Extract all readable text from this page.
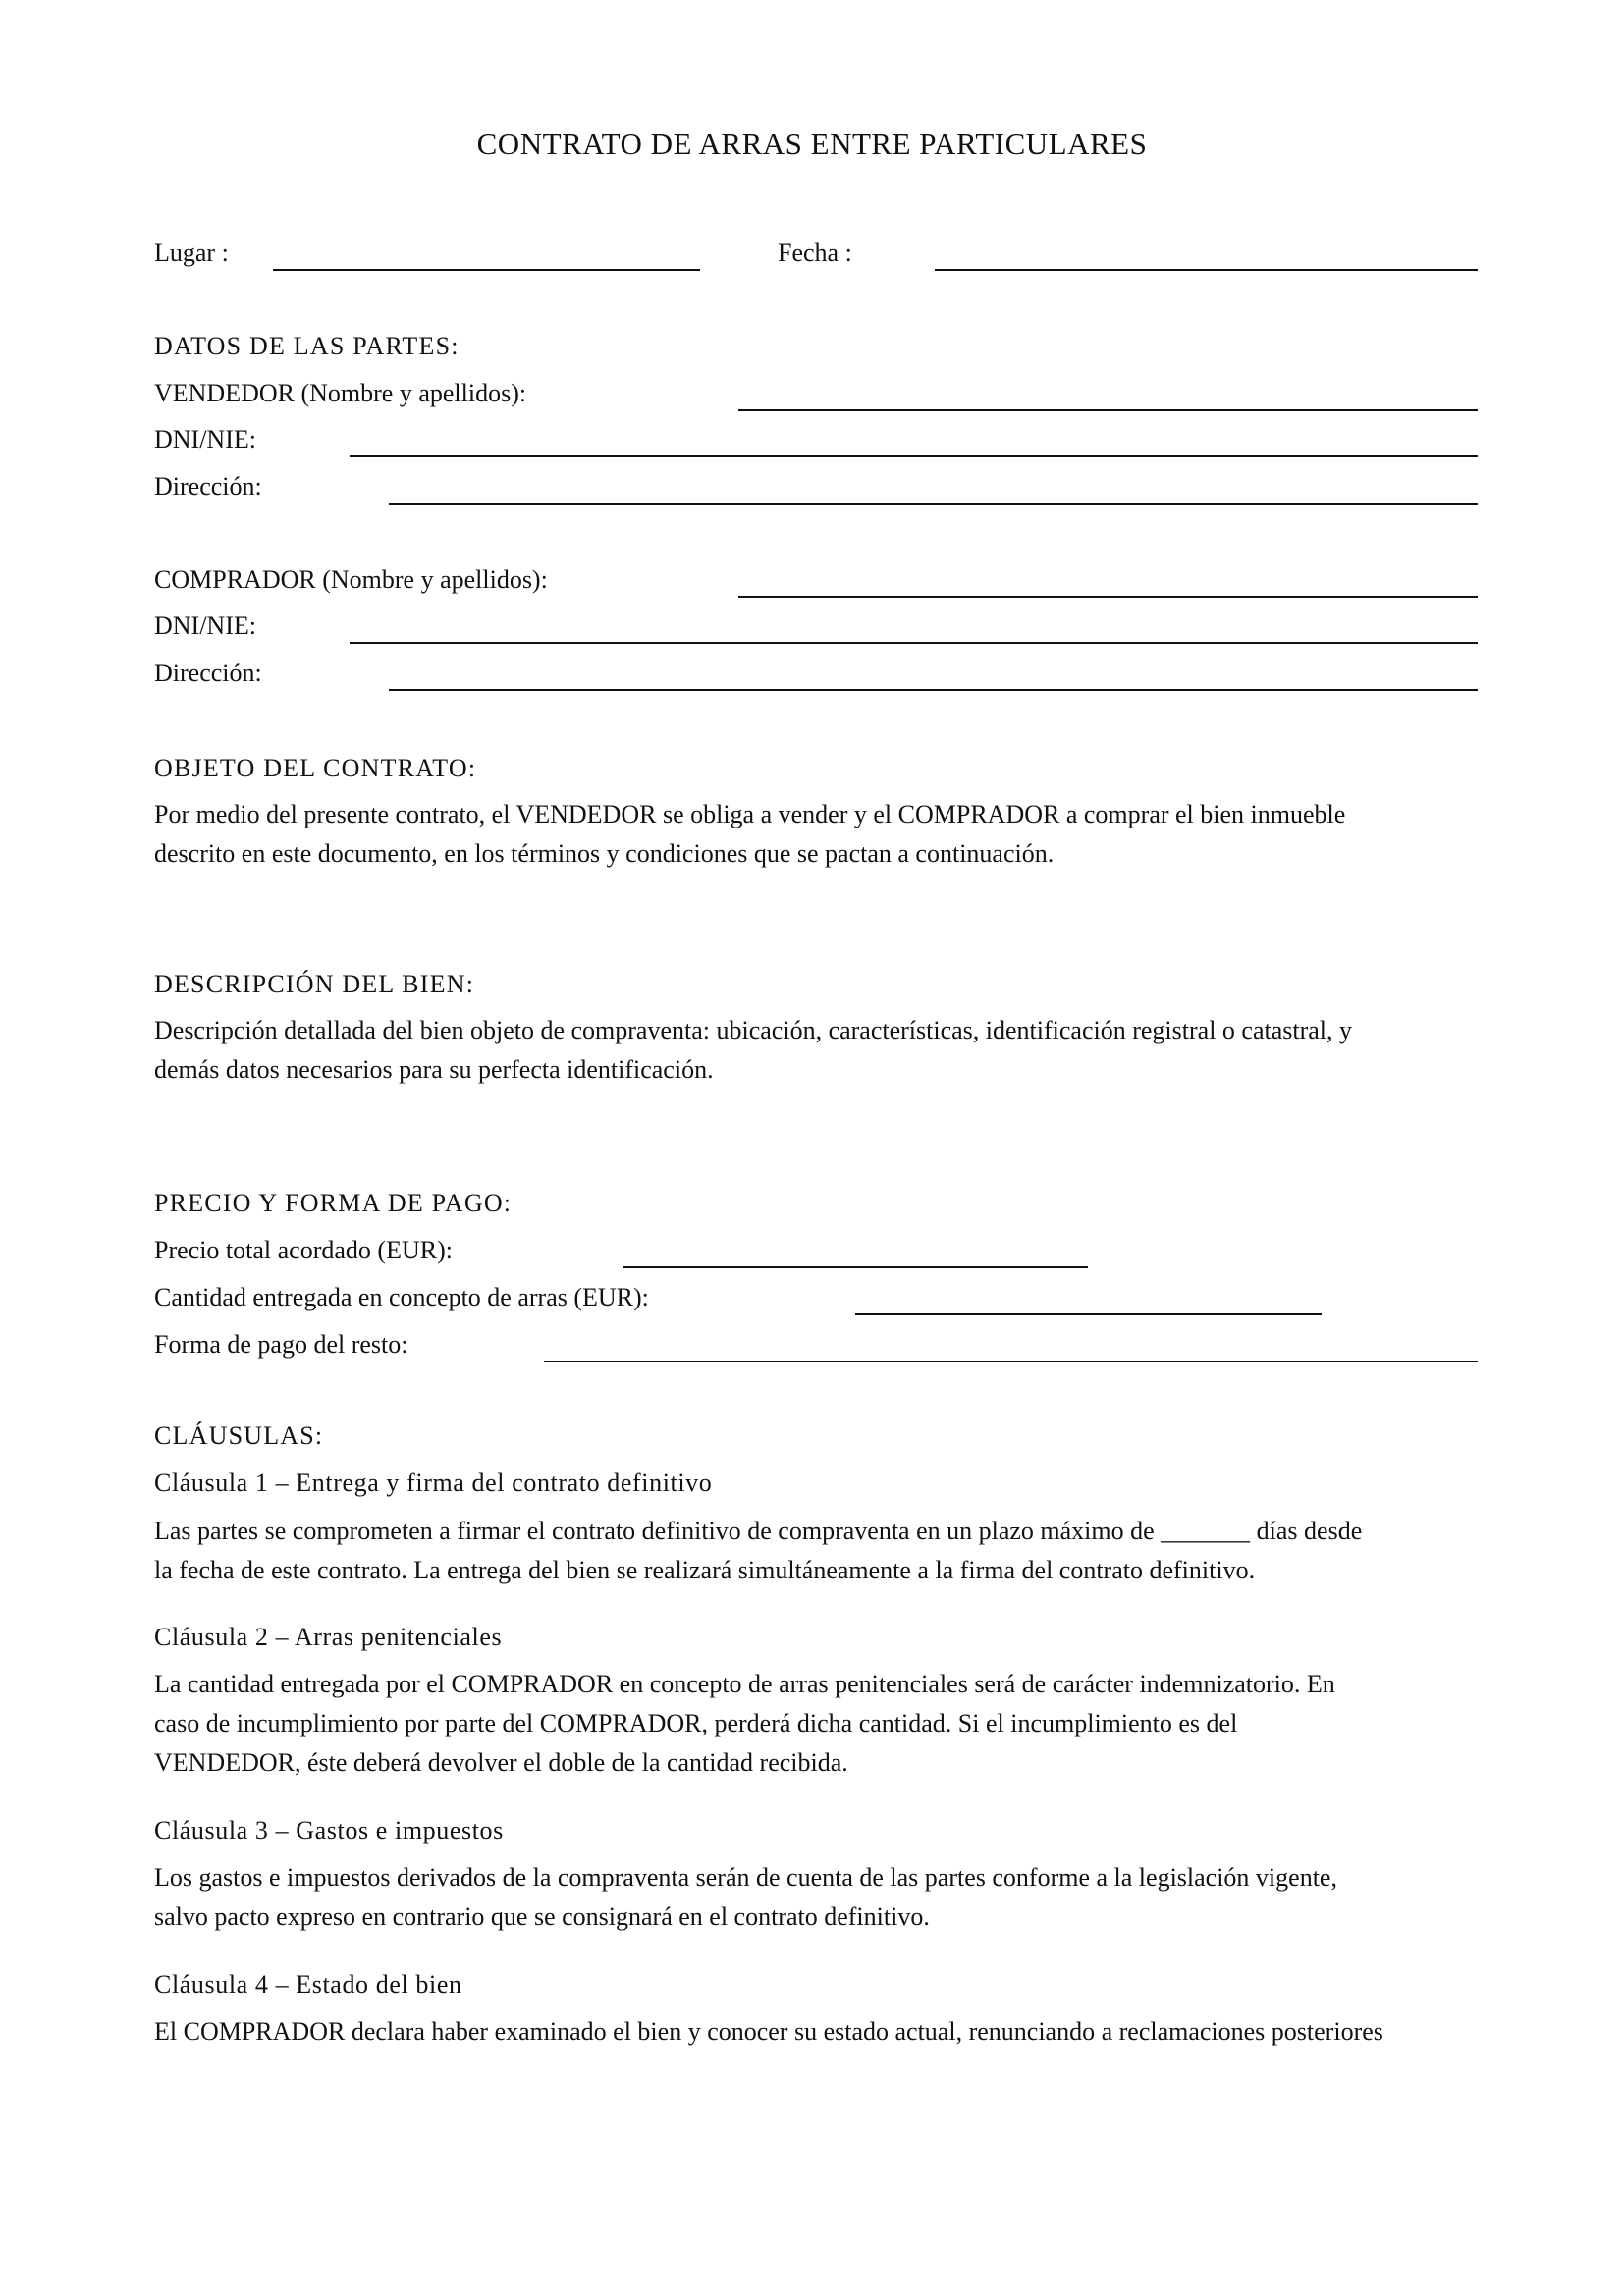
CONTRATO DE ARRAS ENTRE PARTICULARES
Lugar :	Fecha :
DATOS DE LAS PARTES:
VENDEDOR (Nombre y apellidos):
DNI/NIE:
Dirección:
COMPRADOR (Nombre y apellidos):
DNI/NIE:
Dirección:
OBJETO DEL CONTRATO:
Por medio del presente contrato, el VENDEDOR se obliga a vender y el COMPRADOR a comprar el bien inmueble
descrito en este documento, en los términos y condiciones que se pactan a continuación.
DESCRIPCIÓN DEL BIEN:
Descripción detallada del bien objeto de compraventa: ubicación, características, identificación registral o catastral, y
demás datos necesarios para su perfecta identificación.
PRECIO Y FORMA DE PAGO:
Precio total acordado (EUR):
Cantidad entregada en concepto de arras (EUR):
Forma de pago del resto:
CLÁUSULAS:
Cláusula 1 – Entrega y firma del contrato definitivo
Las partes se comprometen a firmar el contrato definitivo de compraventa en un plazo máximo de _______ días desde
la fecha de este contrato. La entrega del bien se realizará simultáneamente a la firma del contrato definitivo.
Cláusula 2 – Arras penitenciales
La cantidad entregada por el COMPRADOR en concepto de arras penitenciales será de carácter indemnizatorio. En
caso de incumplimiento por parte del COMPRADOR, perderá dicha cantidad. Si el incumplimiento es del
VENDEDOR, éste deberá devolver el doble de la cantidad recibida.
Cláusula 3 – Gastos e impuestos
Los gastos e impuestos derivados de la compraventa serán de cuenta de las partes conforme a la legislación vigente,
salvo pacto expreso en contrario que se consignará en el contrato definitivo.
Cláusula 4 – Estado del bien
El COMPRADOR declara haber examinado el bien y conocer su estado actual, renunciando a reclamaciones posteriores
